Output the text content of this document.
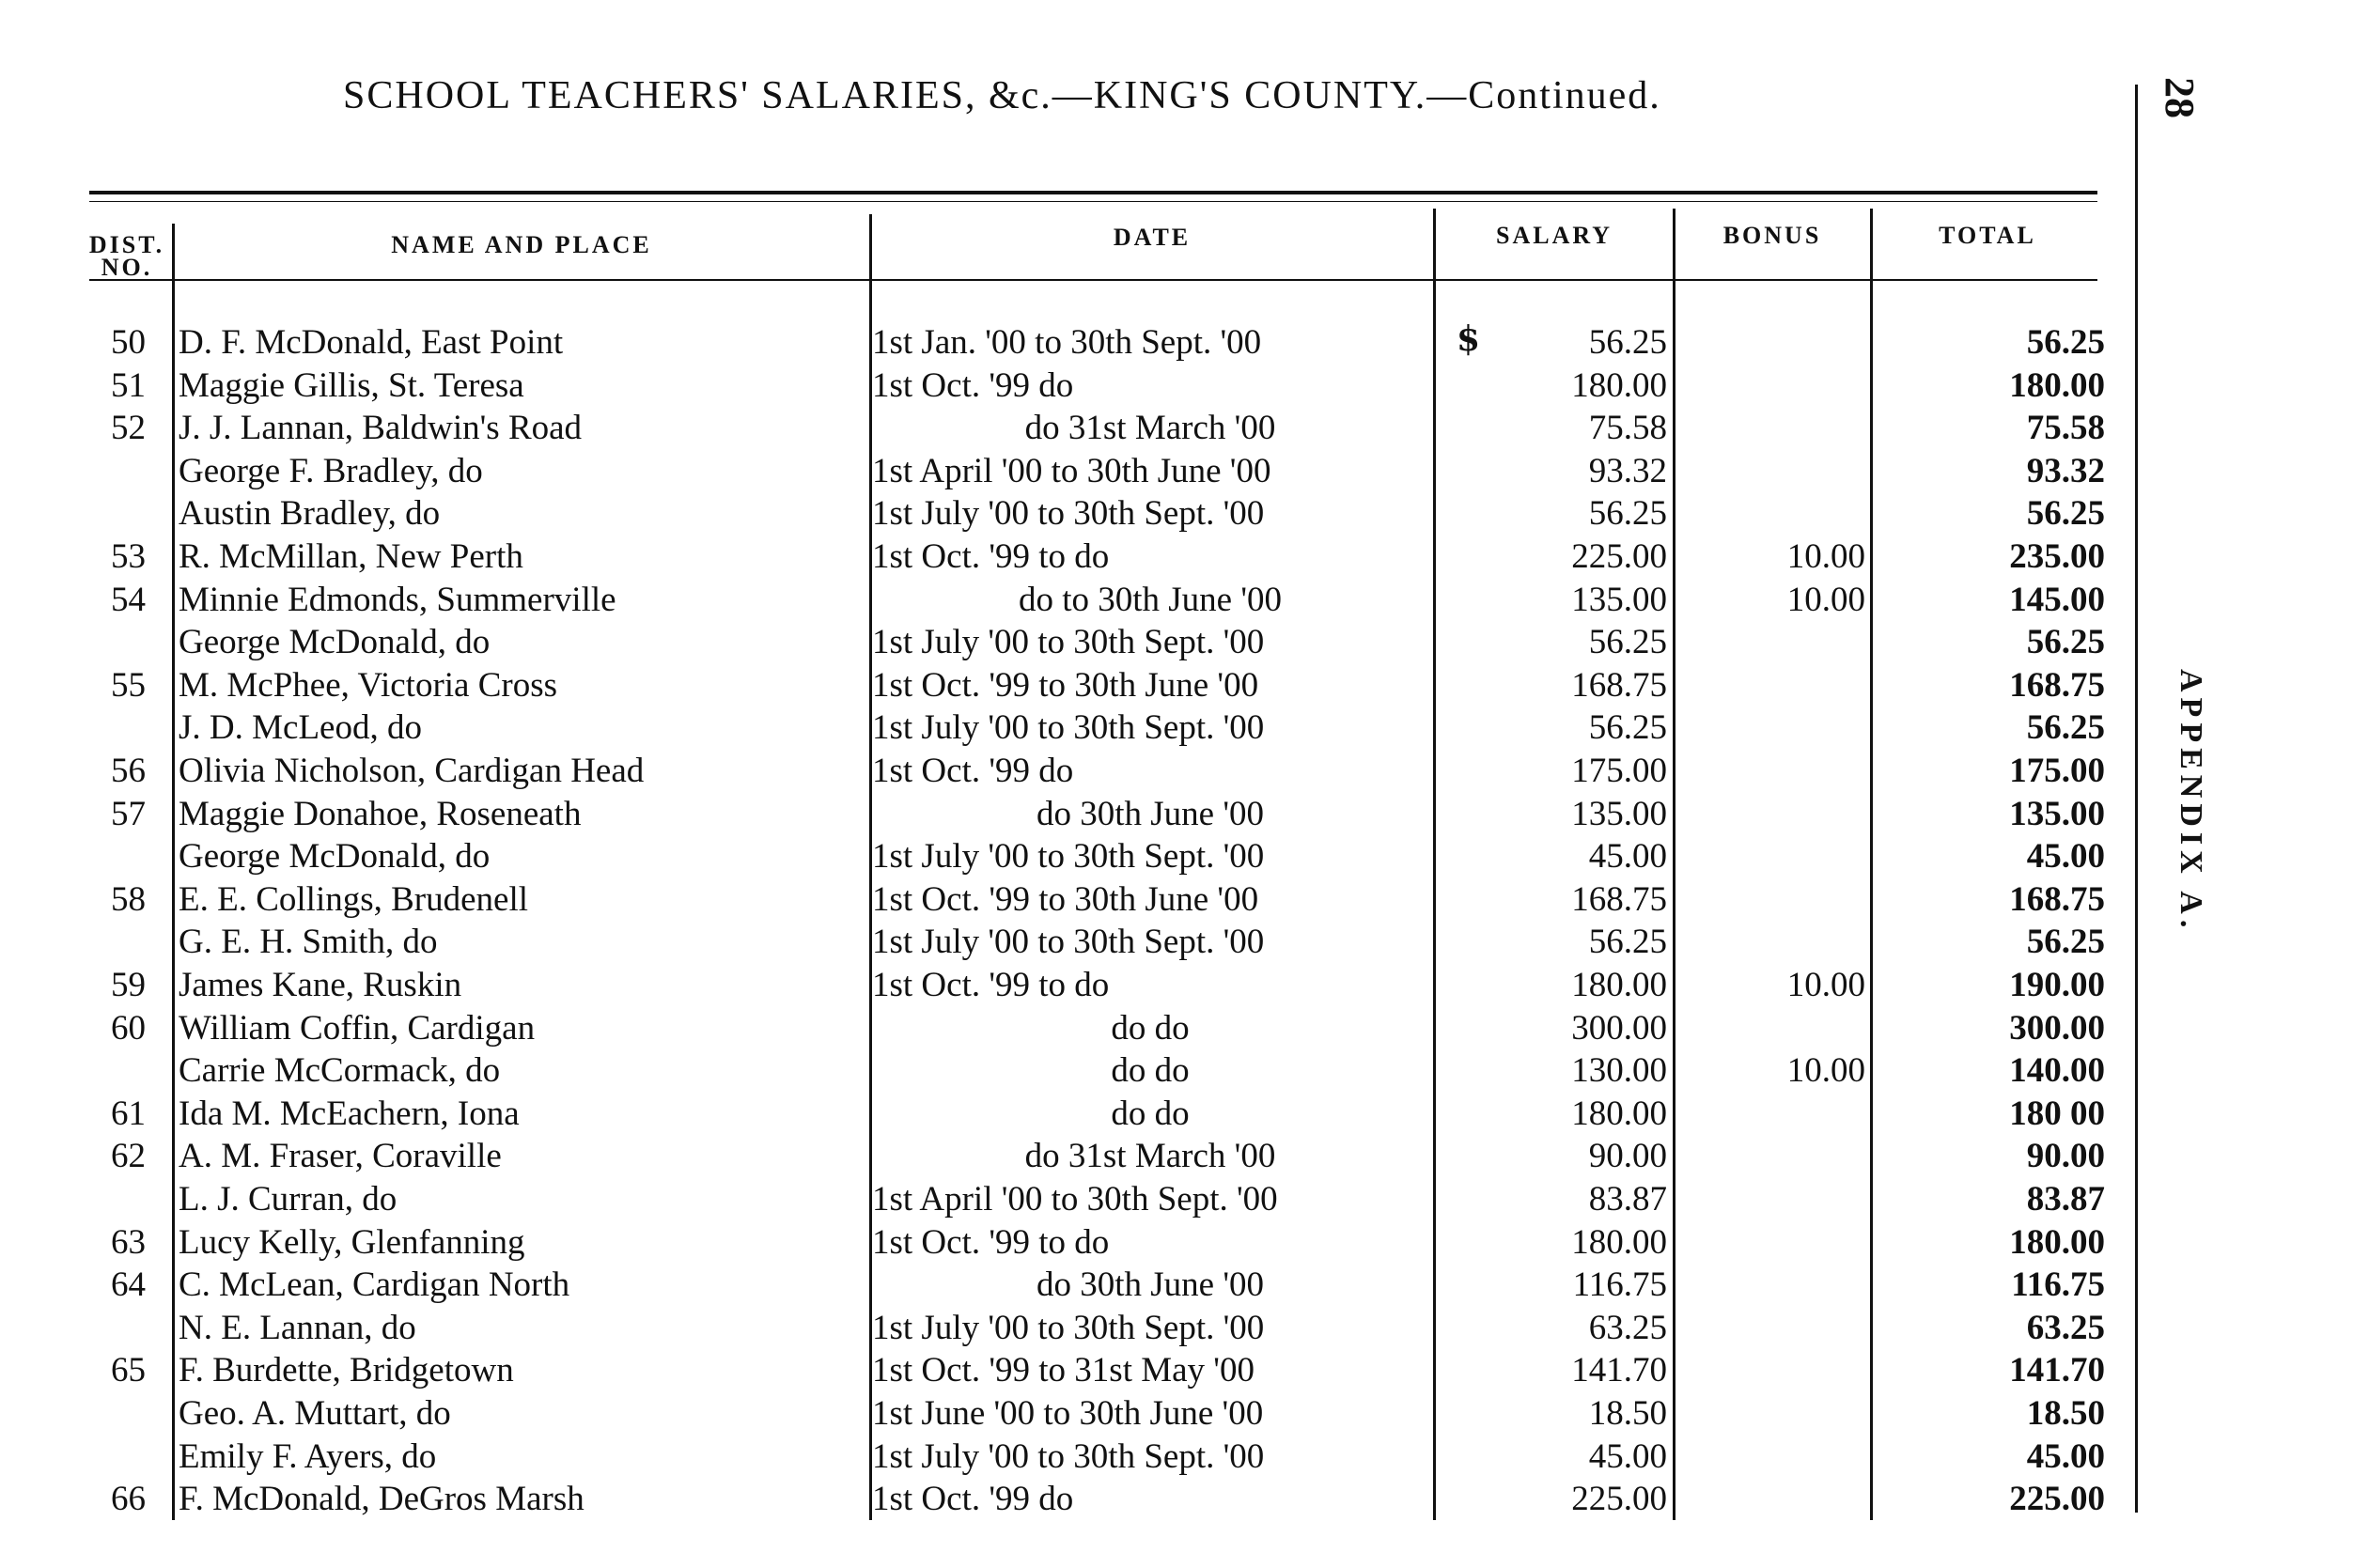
SCHOOL TEACHERS' SALARIES, &c.—KING'S COUNTY.—Continued.	28
APPENDIX A.
DIST.
NO.
NAME AND PLACE	DATE	SALARY	BONUS	TOTAL
$
50 D. F. McDonald, East Point	1st Jan. '00 to 30th Sept. '00	56.25	56.25
51 Maggie Gillis, St. Teresa	1st Oct. '99 do	180.00	180.00
52 J. J. Lannan, Baldwin's Road	do 31st March '00	75.58	75.58
George F. Bradley, do	1st April '00 to 30th June '00	93.32	93.32
Austin Bradley, do	1st July '00 to 30th Sept. '00	56.25	56.25
53 R. McMillan, New Perth	1st Oct. '99 to do	225.00	10.00	235.00
54 Minnie Edmonds, Summerville	do to 30th June '00	135.00	10.00	145.00
George McDonald, do	1st July '00 to 30th Sept. '00	56.25	56.25
55 M. McPhee, Victoria Cross	1st Oct. '99 to 30th June '00	168.75	168.75
J. D. McLeod, do	1st July '00 to 30th Sept. '00	56.25	56.25
56 Olivia Nicholson, Cardigan Head	1st Oct. '99 do	175.00	175.00
57 Maggie Donahoe, Roseneath	do 30th June '00	135.00	135.00
George McDonald, do	1st July '00 to 30th Sept. '00	45.00	45.00
58 E. E. Collings, Brudenell	1st Oct. '99 to 30th June '00	168.75	168.75
G. E. H. Smith, do	1st July '00 to 30th Sept. '00	56.25	56.25
59 James Kane, Ruskin	1st Oct. '99 to do	180.00	10.00	190.00
60 William Coffin, Cardigan	do do	300.00	300.00
Carrie McCormack, do	do do	130.00	10.00	140.00
61 Ida M. McEachern, Iona	do do	180.00	180 00
62 A. M. Fraser, Coraville	do 31st March '00	90.00	90.00
L. J. Curran, do	1st April '00 to 30th Sept. '00	83.87	83.87
63 Lucy Kelly, Glenfanning	1st Oct. '99 to do	180.00	180.00
64 C. McLean, Cardigan North	do 30th June '00	116.75	116.75
N. E. Lannan, do	1st July '00 to 30th Sept. '00	63.25	63.25
65 F. Burdette, Bridgetown	1st Oct. '99 to 31st May '00	141.70	141.70
Geo. A. Muttart, do	1st June '00 to 30th June '00	18.50	18.50
Emily F. Ayers, do	1st July '00 to 30th Sept. '00	45.00	45.00
66 F. McDonald, DeGros Marsh	1st Oct. '99 do	225.00	225.00
